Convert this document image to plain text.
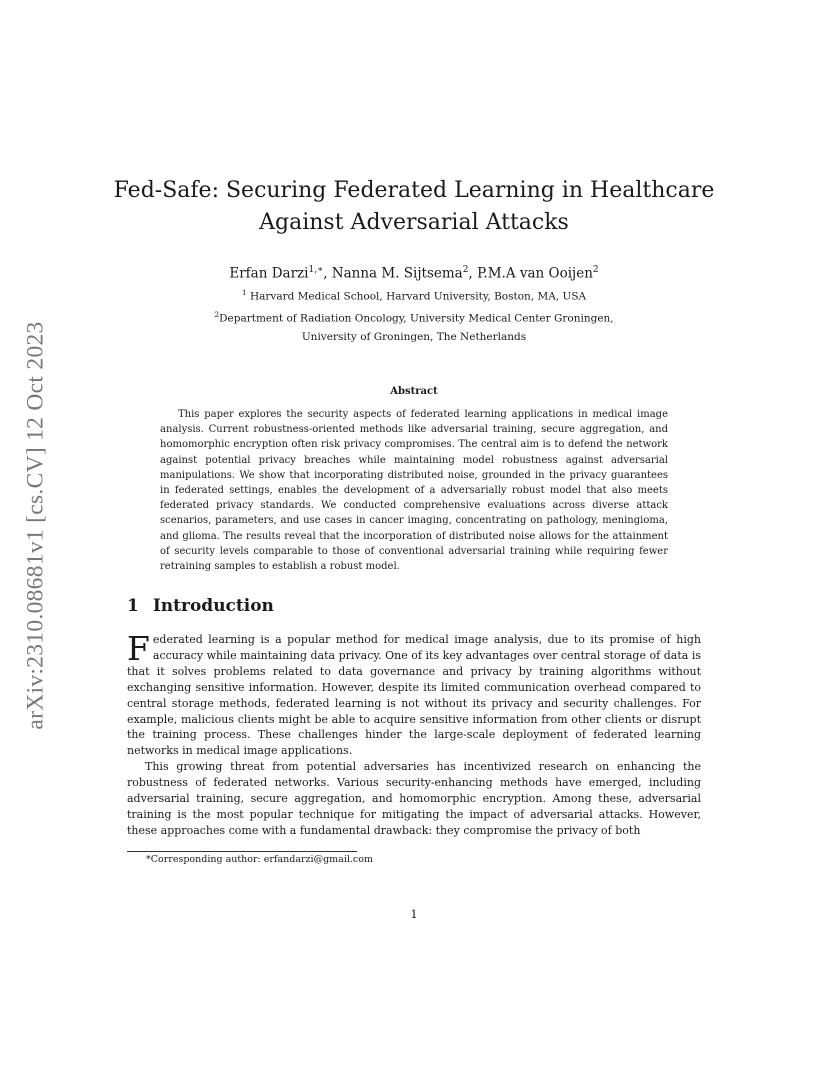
arXiv:2310.08681v1 [cs.CV] 12 Oct 2023
Fed-Safe: Securing Federated Learning in Healthcare
Against Adversarial Attacks
Erfan Darzi$^{1,∗}$, Nanna M. Sijtsema$^2$, P.M.A van Ooijen$^2$
$^1$ Harvard Medical School, Harvard University, Boston, MA, USA
$^2$Department of Radiation Oncology, University Medical Center Groningen,
University of Groningen, The Netherlands
Abstract

This paper explores the security aspects of federated learning applications in medical image analysis. Current robustness-oriented methods like adversarial training, secure aggregation, and homomorphic encryption often risk privacy compromises. The central aim is to defend the network against potential privacy breaches while maintaining model robustness against adversarial manipulations. We show that incorporating distributed noise, grounded in the privacy guarantees in federated settings, enables the development of a adversarially robust model that also meets federated privacy standards. We conducted comprehensive evaluations across diverse attack scenarios, parameters, and use cases in cancer imaging, concentrating on pathology, meningioma, and glioma. The results reveal that the incorporation of distributed noise allows for the attainment of security levels comparable to those of conventional adversarial training while requiring fewer retraining samples to establish a robust model.

1 Introduction

Federated learning is a popular method for medical image analysis, due to its promise of high accuracy while maintaining data privacy. One of its key advantages over central storage of data is that it solves problems related to data governance and privacy by training algorithms without exchanging sensitive information. However, despite its limited communication overhead compared to central storage methods, federated learning is not without its privacy and security challenges. For example, malicious clients might be able to acquire sensitive information from other clients or disrupt the training process. These challenges hinder the large-scale deployment of federated learning networks in medical image applications.

This growing threat from potential adversaries has incentivized research on enhancing the robustness of federated networks. Various security-enhancing methods have emerged, including adversarial training, secure aggregation, and homomorphic encryption. Among these, adversarial training is the most popular technique for mitigating the impact of adversarial attacks. However, these approaches come with a fundamental drawback: they compromise the privacy of both

*Corresponding author: erfandarzi@gmail.com
1
